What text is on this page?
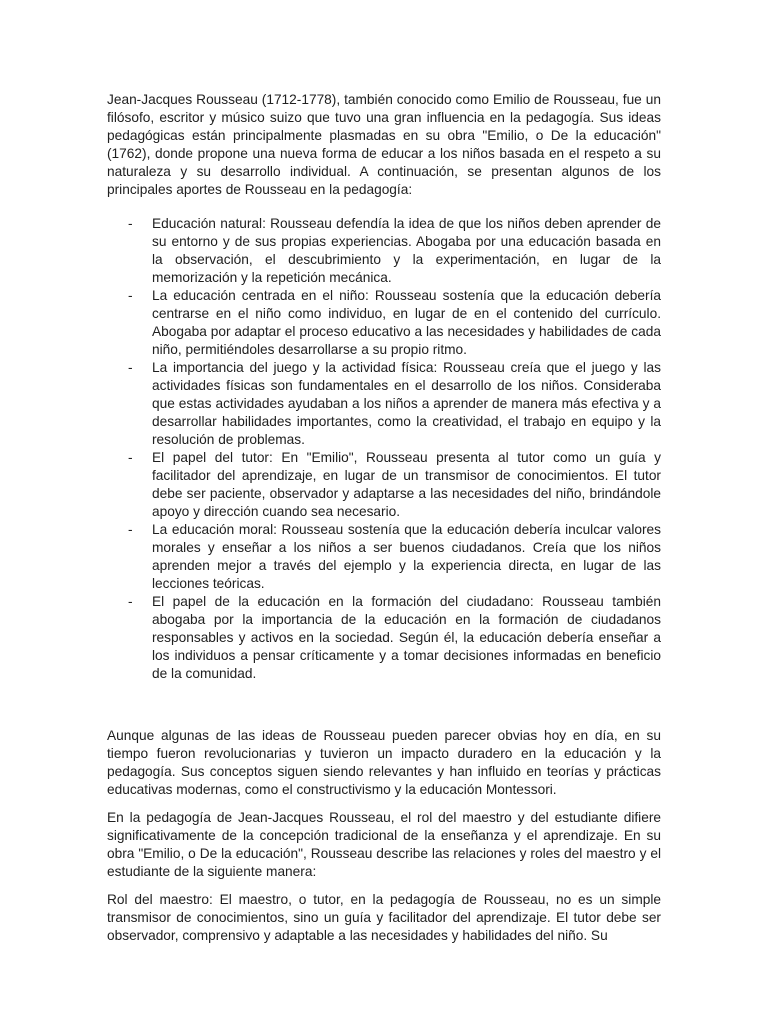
Jean-Jacques Rousseau (1712-1778), también conocido como Emilio de Rousseau, fue un filósofo, escritor y músico suizo que tuvo una gran influencia en la pedagogía. Sus ideas pedagógicas están principalmente plasmadas en su obra "Emilio, o De la educación" (1762), donde propone una nueva forma de educar a los niños basada en el respeto a su naturaleza y su desarrollo individual. A continuación, se presentan algunos de los principales aportes de Rousseau en la pedagogía:

- Educación natural: Rousseau defendía la idea de que los niños deben aprender de su entorno y de sus propias experiencias. Abogaba por una educación basada en la observación, el descubrimiento y la experimentación, en lugar de la memorización y la repetición mecánica.
- La educación centrada en el niño: Rousseau sostenía que la educación debería centrarse en el niño como individuo, en lugar de en el contenido del currículo. Abogaba por adaptar el proceso educativo a las necesidades y habilidades de cada niño, permitiéndoles desarrollarse a su propio ritmo.
- La importancia del juego y la actividad física: Rousseau creía que el juego y las actividades físicas son fundamentales en el desarrollo de los niños. Consideraba que estas actividades ayudaban a los niños a aprender de manera más efectiva y a desarrollar habilidades importantes, como la creatividad, el trabajo en equipo y la resolución de problemas.
- El papel del tutor: En "Emilio", Rousseau presenta al tutor como un guía y facilitador del aprendizaje, en lugar de un transmisor de conocimientos. El tutor debe ser paciente, observador y adaptarse a las necesidades del niño, brindándole apoyo y dirección cuando sea necesario.
- La educación moral: Rousseau sostenía que la educación debería inculcar valores morales y enseñar a los niños a ser buenos ciudadanos. Creía que los niños aprenden mejor a través del ejemplo y la experiencia directa, en lugar de las lecciones teóricas.
- El papel de la educación en la formación del ciudadano: Rousseau también abogaba por la importancia de la educación en la formación de ciudadanos responsables y activos en la sociedad. Según él, la educación debería enseñar a los individuos a pensar críticamente y a tomar decisiones informadas en beneficio de la comunidad.

Aunque algunas de las ideas de Rousseau pueden parecer obvias hoy en día, en su tiempo fueron revolucionarias y tuvieron un impacto duradero en la educación y la pedagogía. Sus conceptos siguen siendo relevantes y han influido en teorías y prácticas educativas modernas, como el constructivismo y la educación Montessori.

En la pedagogía de Jean-Jacques Rousseau, el rol del maestro y del estudiante difiere significativamente de la concepción tradicional de la enseñanza y el aprendizaje. En su obra "Emilio, o De la educación", Rousseau describe las relaciones y roles del maestro y el estudiante de la siguiente manera:

Rol del maestro: El maestro, o tutor, en la pedagogía de Rousseau, no es un simple transmisor de conocimientos, sino un guía y facilitador del aprendizaje. El tutor debe ser observador, comprensivo y adaptable a las necesidades y habilidades del niño. Su
